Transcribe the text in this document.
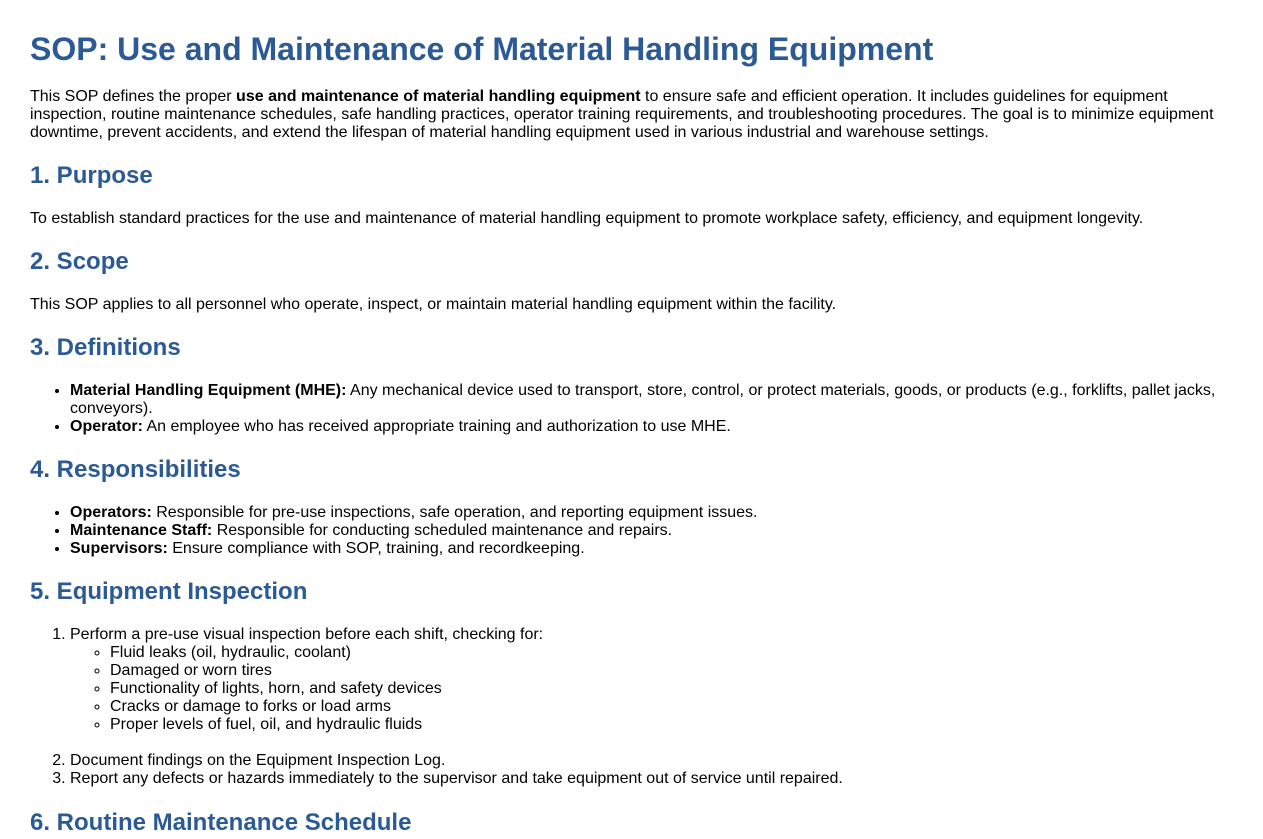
SOP: Use and Maintenance of Material Handling Equipment

This SOP defines the proper use and maintenance of material handling equipment to ensure safe and efficient operation. It includes guidelines for equipment inspection, routine maintenance schedules, safe handling practices, operator training requirements, and troubleshooting procedures. The goal is to minimize equipment downtime, prevent accidents, and extend the lifespan of material handling equipment used in various industrial and warehouse settings.

1. Purpose

To establish standard practices for the use and maintenance of material handling equipment to promote workplace safety, efficiency, and equipment longevity.

2. Scope

This SOP applies to all personnel who operate, inspect, or maintain material handling equipment within the facility.

3. Definitions
• Material Handling Equipment (MHE): Any mechanical device used to transport, store, control, or protect materials, goods, or products (e.g., forklifts, pallet jacks, conveyors).
• Operator: An employee who has received appropriate training and authorization to use MHE.
4. Responsibilities
• Operators: Responsible for pre-use inspections, safe operation, and reporting equipment issues.
• Maintenance Staff: Responsible for conducting scheduled maintenance and repairs.
• Supervisors: Ensure compliance with SOP, training, and recordkeeping.
5. Equipment Inspection
1. Perform a pre-use visual inspection before each shift, checking for:
◦ Fluid leaks (oil, hydraulic, coolant)
◦ Damaged or worn tires
◦ Functionality of lights, horn, and safety devices
◦ Cracks or damage to forks or load arms
◦ Proper levels of fuel, oil, and hydraulic fluids
2. Document findings on the Equipment Inspection Log.
3. Report any defects or hazards immediately to the supervisor and take equipment out of service until repaired.
6. Routine Maintenance Schedule
